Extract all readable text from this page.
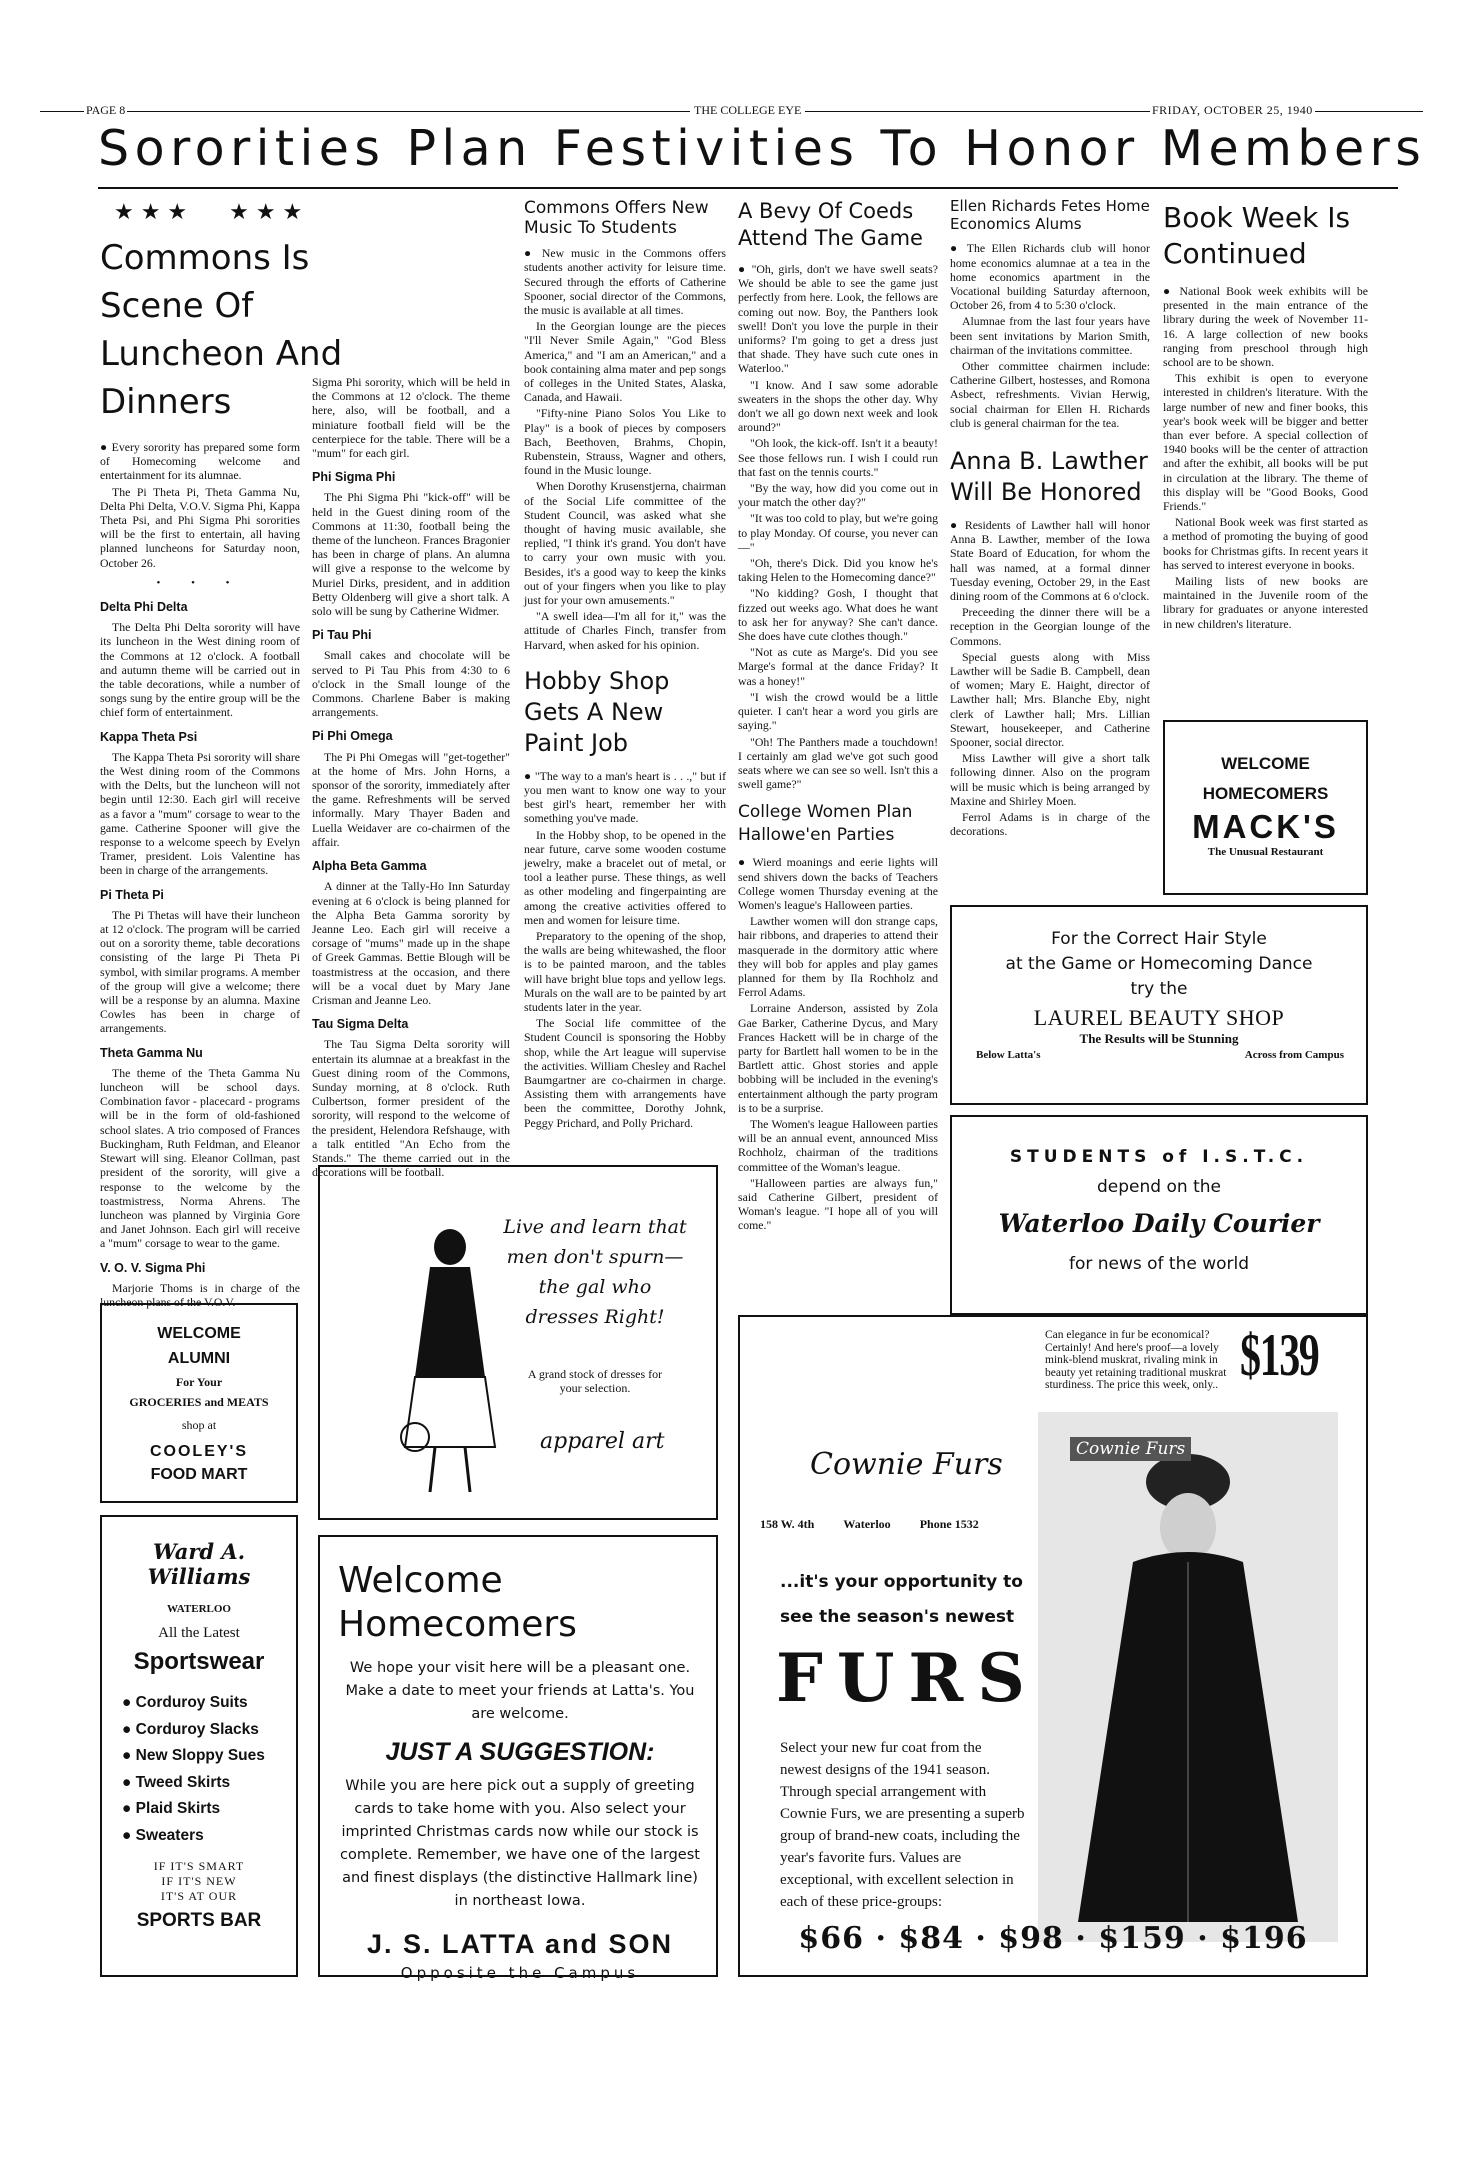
PAGE 8	THE COLLEGE EYE	FRIDAY, OCTOBER 25, 1940
Sororities Plan Festivities To Honor Members
★ ★ ★      ★ ★ ★
Commons Is Scene Of Luncheon And Dinners

● Every sorority has prepared some form of Homecoming welcome and entertainment for its alumnae.

The Pi Theta Pi, Theta Gamma Nu, Delta Phi Delta, V.O.V. Sigma Phi, Kappa Theta Psi, and Phi Sigma Phi sororities will be the first to entertain, all having planned luncheons for Saturday noon, October 26.

• • •
Delta Phi Delta

The Delta Phi Delta sorority will have its luncheon in the West dining room of the Commons at 12 o'clock. A football and autumn theme will be carried out in the table decorations, while a number of songs sung by the entire group will be the chief form of entertainment.

Kappa Theta Psi

The Kappa Theta Psi sorority will share the West dining room of the Commons with the Delts, but the luncheon will not begin until 12:30. Each girl will receive as a favor a "mum" corsage to wear to the game. Catherine Spooner will give the response to a welcome speech by Evelyn Tramer, president. Lois Valentine has been in charge of the arrangements.

Pi Theta Pi

The Pi Thetas will have their luncheon at 12 o'clock. The program will be carried out on a sorority theme, table decorations consisting of the large Pi Theta Pi symbol, with similar programs. A member of the group will give a welcome; there will be a response by an alumna. Maxine Cowles has been in charge of arrangements.

Theta Gamma Nu

The theme of the Theta Gamma Nu luncheon will be school days. Combination favor - placecard - programs will be in the form of old-fashioned school slates. A trio composed of Frances Buckingham, Ruth Feldman, and Eleanor Stewart will sing. Eleanor Collman, past president of the sorority, will give a response to the welcome by the toastmistress, Norma Ahrens. The luncheon was planned by Virginia Gore and Janet Johnson. Each girl will receive a "mum" corsage to wear to the game.

V. O. V. Sigma Phi

Marjorie Thoms is in charge of the luncheon plans of the V.O.V.

Sigma Phi sorority, which will be held in the Commons at 12 o'clock. The theme here, also, will be football, and a miniature football field will be the centerpiece for the table. There will be a "mum" for each girl.

Phi Sigma Phi

The Phi Sigma Phi "kick-off" will be held in the Guest dining room of the Commons at 11:30, football being the theme of the luncheon. Frances Bragonier has been in charge of plans. An alumna will give a response to the welcome by Muriel Dirks, president, and in addition Betty Oldenberg will give a short talk. A solo will be sung by Catherine Widmer.

Pi Tau Phi

Small cakes and chocolate will be served to Pi Tau Phis from 4:30 to 6 o'clock in the Small lounge of the Commons. Charlene Baber is making arrangements.

Pi Phi Omega

The Pi Phi Omegas will "get-together" at the home of Mrs. John Horns, a sponsor of the sorority, immediately after the game. Refreshments will be served informally. Mary Thayer Baden and Luella Weidaver are co-chairmen of the affair.

Alpha Beta Gamma

A dinner at the Tally-Ho Inn Saturday evening at 6 o'clock is being planned for the Alpha Beta Gamma sorority by Jeanne Leo. Each girl will receive a corsage of "mums" made up in the shape of Greek Gammas. Bettie Blough will be toastmistress at the occasion, and there will be a vocal duet by Mary Jane Crisman and Jeanne Leo.

Tau Sigma Delta

The Tau Sigma Delta sorority will entertain its alumnae at a breakfast in the Guest dining room of the Commons, Sunday morning, at 8 o'clock. Ruth Culbertson, former president of the sorority, will respond to the welcome of the president, Helendora Refshauge, with a talk entitled "An Echo from the Stands." The theme carried out in the decorations will be football.

Commons Offers New Music To Students

● New music in the Commons offers students another activity for leisure time. Secured through the efforts of Catherine Spooner, social director of the Commons, the music is available at all times.

In the Georgian lounge are the pieces "I'll Never Smile Again," "God Bless America," and "I am an American," and a book containing alma mater and pep songs of colleges in the United States, Alaska, Canada, and Hawaii.

"Fifty-nine Piano Solos You Like to Play" is a book of pieces by composers Bach, Beethoven, Brahms, Chopin, Rubenstein, Strauss, Wagner and others, found in the Music lounge.

When Dorothy Krusenstjerna, chairman of the Social Life committee of the Student Council, was asked what she thought of having music available, she replied, "I think it's grand. You don't have to carry your own music with you. Besides, it's a good way to keep the kinks out of your fingers when you like to play just for your own amusements."

"A swell idea—I'm all for it," was the attitude of Charles Finch, transfer from Harvard, when asked for his opinion.

Hobby Shop Gets A New Paint Job

● "The way to a man's heart is . . .," but if you men want to know one way to your best girl's heart, remember her with something you've made.

In the Hobby shop, to be opened in the near future, carve some wooden costume jewelry, make a bracelet out of metal, or tool a leather purse. These things, as well as other modeling and fingerpainting are among the creative activities offered to men and women for leisure time.

Preparatory to the opening of the shop, the walls are being whitewashed, the floor is to be painted maroon, and the tables will have bright blue tops and yellow legs. Murals on the wall are to be painted by art students later in the year.

The Social life committee of the Student Council is sponsoring the Hobby shop, while the Art league will supervise the activities. William Chesley and Rachel Baumgartner are co-chairmen in charge. Assisting them with arrangements have been the committee, Dorothy Johnk, Peggy Prichard, and Polly Prichard.

A Bevy Of Coeds Attend The Game

● "Oh, girls, don't we have swell seats? We should be able to see the game just perfectly from here. Look, the fellows are coming out now. Boy, the Panthers look swell! Don't you love the purple in their uniforms? I'm going to get a dress just that shade. They have such cute ones in Waterloo."

"I know. And I saw some adorable sweaters in the shops the other day. Why don't we all go down next week and look around?"

"Oh look, the kick-off. Isn't it a beauty! See those fellows run. I wish I could run that fast on the tennis courts."

"By the way, how did you come out in your match the other day?"

"It was too cold to play, but we're going to play Monday. Of course, you never can—"

"Oh, there's Dick. Did you know he's taking Helen to the Homecoming dance?"

"No kidding? Gosh, I thought that fizzed out weeks ago. What does he want to ask her for anyway? She can't dance. She does have cute clothes though."

"Not as cute as Marge's. Did you see Marge's formal at the dance Friday? It was a honey!"

"I wish the crowd would be a little quieter. I can't hear a word you girls are saying."

"Oh! The Panthers made a touchdown! I certainly am glad we've got such good seats where we can see so well. Isn't this a swell game?"

College Women Plan Hallowe'en Parties

● Wierd moanings and eerie lights will send shivers down the backs of Teachers College women Thursday evening at the Women's league's Halloween parties.

Lawther women will don strange caps, hair ribbons, and draperies to attend their masquerade in the dormitory attic where they will bob for apples and play games planned for them by Ila Rochholz and Ferrol Adams.

Lorraine Anderson, assisted by Zola Gae Barker, Catherine Dycus, and Mary Frances Hackett will be in charge of the party for Bartlett hall women to be in the Bartlett attic. Ghost stories and apple bobbing will be included in the evening's entertainment although the party program is to be a surprise.

The Women's league Halloween parties will be an annual event, announced Miss Rochholz, chairman of the traditions committee of the Woman's league.

"Halloween parties are always fun," said Catherine Gilbert, president of Woman's league. "I hope all of you will come."

Ellen Richards Fetes Home Economics Alums

● The Ellen Richards club will honor home economics alumnae at a tea in the home economics apartment in the Vocational building Saturday afternoon, October 26, from 4 to 5:30 o'clock.

Alumnae from the last four years have been sent invitations by Marion Smith, chairman of the invitations committee.

Other committee chairmen include: Catherine Gilbert, hostesses, and Romona Asbect, refreshments. Vivian Herwig, social chairman for Ellen H. Richards club is general chairman for the tea.

Anna B. Lawther Will Be Honored

● Residents of Lawther hall will honor Anna B. Lawther, member of the Iowa State Board of Education, for whom the hall was named, at a formal dinner Tuesday evening, October 29, in the East dining room of the Commons at 6 o'clock.

Preceeding the dinner there will be a reception in the Georgian lounge of the Commons.

Special guests along with Miss Lawther will be Sadie B. Campbell, dean of women; Mary E. Haight, director of Lawther hall; Mrs. Blanche Eby, night clerk of Lawther hall; Mrs. Lillian Stewart, housekeeper, and Catherine Spooner, social director.

Miss Lawther will give a short talk following dinner. Also on the program will be music which is being arranged by Maxine and Shirley Moen.

Ferrol Adams is in charge of the decorations.

Book Week Is Continued

● National Book week exhibits will be presented in the main entrance of the library during the week of November 11-16. A large collection of new books ranging from preschool through high school are to be shown.

This exhibit is open to everyone interested in children's literature. With the large number of new and finer books, this year's book week will be bigger and better than ever before. A special collection of 1940 books will be the center of attraction and after the exhibit, all books will be put in circulation at the library. The theme of this display will be "Good Books, Good Friends."

National Book week was first started as a method of promoting the buying of good books for Christmas gifts. In recent years it has served to interest everyone in books.

Mailing lists of new books are maintained in the Juvenile room of the library for graduates or anyone interested in new children's literature.

WELCOME
HOMECOMERS
MACK'S
The Unusual Restaurant
For the Correct Hair Style
at the Game or Homecoming Dance
try the
LAUREL BEAUTY SHOP
The Results will be Stunning
Below Latta's	Across from Campus
STUDENTS of I.S.T.C.
depend on the
Waterloo Daily Courier
for news of the world
WELCOME
ALUMNI
For Your
GROCERIES and MEATS
shop at
COOLEY'S
FOOD MART
Live and learn that men don't spurn—the gal who dresses Right!
A grand stock of dresses for
your selection.
apparel art
Ward A. Williams
WATERLOO
All the Latest
Sportswear
● Corduroy Suits
● Corduroy Slacks
● New Sloppy Sues
● Tweed Skirts
● Plaid Skirts
● Sweaters
IF IT'S SMART
IF IT'S NEW
IT'S AT OUR
SPORTS BAR
Welcome
Homecomers
We hope your visit here will be a pleasant one. Make a date to meet your friends at Latta's. You are welcome.
JUST A SUGGESTION:
While you are here pick out a supply of greeting cards to take home with you. Also select your imprinted Christmas cards now while our stock is complete. Remember, we have one of the largest and finest displays (the distinctive Hallmark line) in northeast Iowa.
J. S. LATTA and SON
Opposite the Campus
Cownie Furs
158 W. 4th Waterloo Phone 1532
Can elegance in fur be economical? Certainly! And here's proof—a lovely mink-blend muskrat, rivaling mink in beauty yet retaining traditional muskrat sturdiness. The price this week, only.. $139
Cownie Furs
...it's your opportunity to
see the season's newest
FURS
Select your new fur coat from the newest designs of the 1941 season. Through special arrangement with Cownie Furs, we are presenting a superb group of brand-new coats, including the year's favorite furs. Values are exceptional, with excellent selection in each of these price-groups:
$66 · $84 · $98 · $159 · $196
